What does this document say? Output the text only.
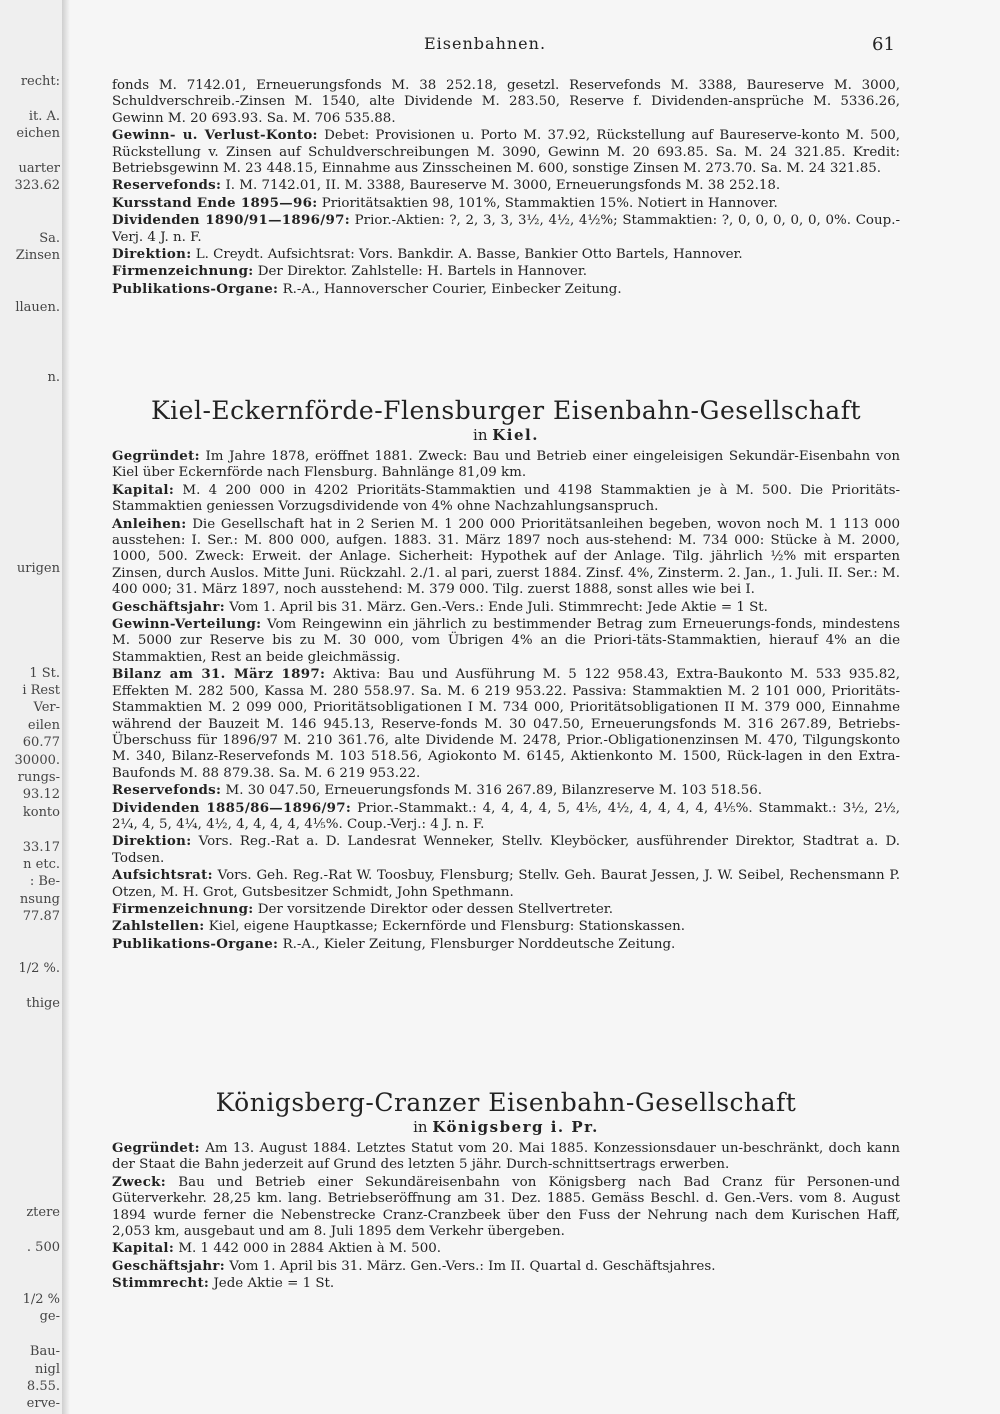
recht:
it. A.
eichen
uarter
323.62
Sa.
Zinsen
llauen.
n.
urigen
1 St.
i Rest
Ver-
eilen
60.77
30000.
rungs-
93.12
konto
33.17
n etc.
: Be-
nsung
77.87
1/2 %.
thige
ztere
. 500
1/2 %
ge-
Bau-
nigl
8.55.
erve-
Eisenbahnen.	61

fonds M. 7142.01, Erneuerungsfonds M. 38 252.18, gesetzl. Reservefonds M. 3388, Baureserve M. 3000, Schuldverschreib.-Zinsen M. 1540, alte Dividende M. 283.50, Reserve f. Dividenden-ansprüche M. 5336.26, Gewinn M. 20 693.93. Sa. M. 706 535.88.

Gewinn- u. Verlust-Konto: Debet: Provisionen u. Porto M. 37.92, Rückstellung auf Baureserve-konto M. 500, Rückstellung v. Zinsen auf Schuldverschreibungen M. 3090, Gewinn M. 20 693.85. Sa. M. 24 321.85. Kredit: Betriebsgewinn M. 23 448.15, Einnahme aus Zinsscheinen M. 600, sonstige Zinsen M. 273.70. Sa. M. 24 321.85.

Reservefonds: I. M. 7142.01, II. M. 3388, Baureserve M. 3000, Erneuerungsfonds M. 38 252.18.

Kursstand Ende 1895—96: Prioritätsaktien 98, 101%, Stammaktien 15%. Notiert in Hannover.

Dividenden 1890/91—1896/97: Prior.-Aktien: ?, 2, 3, 3, 3½, 4½, 4½%; Stammaktien: ?, 0, 0, 0, 0, 0, 0%. Coup.-Verj. 4 J. n. F.

Direktion: L. Creydt. Aufsichtsrat: Vors. Bankdir. A. Basse, Bankier Otto Bartels, Hannover.

Firmenzeichnung: Der Direktor. Zahlstelle: H. Bartels in Hannover.

Publikations-Organe: R.-A., Hannoverscher Courier, Einbecker Zeitung.

Kiel-Eckernförde-Flensburger Eisenbahn-Gesellschaft
in Kiel.

Gegründet: Im Jahre 1878, eröffnet 1881. Zweck: Bau und Betrieb einer eingeleisigen Sekundär-Eisenbahn von Kiel über Eckernförde nach Flensburg. Bahnlänge 81,09 km.

Kapital: M. 4 200 000 in 4202 Prioritäts-Stammaktien und 4198 Stammaktien je à M. 500. Die Prioritäts-Stammaktien geniessen Vorzugsdividende von 4% ohne Nachzahlungsanspruch.

Anleihen: Die Gesellschaft hat in 2 Serien M. 1 200 000 Prioritätsanleihen begeben, wovon noch M. 1 113 000 ausstehen: I. Ser.: M. 800 000, aufgen. 1883. 31. März 1897 noch aus-stehend: M. 734 000: Stücke à M. 2000, 1000, 500. Zweck: Erweit. der Anlage. Sicherheit: Hypothek auf der Anlage. Tilg. jährlich ½% mit ersparten Zinsen, durch Auslos. Mitte Juni. Rückzahl. 2./1. al pari, zuerst 1884. Zinsf. 4%, Zinsterm. 2. Jan., 1. Juli. II. Ser.: M. 400 000; 31. März 1897, noch ausstehend: M. 379 000. Tilg. zuerst 1888, sonst alles wie bei I.

Geschäftsjahr: Vom 1. April bis 31. März. Gen.-Vers.: Ende Juli. Stimmrecht: Jede Aktie = 1 St.

Gewinn-Verteilung: Vom Reingewinn ein jährlich zu bestimmender Betrag zum Erneuerungs-fonds, mindestens M. 5000 zur Reserve bis zu M. 30 000, vom Übrigen 4% an die Priori-täts-Stammaktien, hierauf 4% an die Stammaktien, Rest an beide gleichmässig.

Bilanz am 31. März 1897: Aktiva: Bau und Ausführung M. 5 122 958.43, Extra-Baukonto M. 533 935.82, Effekten M. 282 500, Kassa M. 280 558.97. Sa. M. 6 219 953.22. Passiva: Stammaktien M. 2 101 000, Prioritäts-Stammaktien M. 2 099 000, Prioritätsobligationen I M. 734 000, Prioritätsobligationen II M. 379 000, Einnahme während der Bauzeit M. 146 945.13, Reserve-fonds M. 30 047.50, Erneuerungsfonds M. 316 267.89, Betriebs-Überschuss für 1896/97 M. 210 361.76, alte Dividende M. 2478, Prior.-Obligationenzinsen M. 470, Tilgungskonto M. 340, Bilanz-Reservefonds M. 103 518.56, Agiokonto M. 6145, Aktienkonto M. 1500, Rück-lagen in den Extra-Baufonds M. 88 879.38. Sa. M. 6 219 953.22.

Reservefonds: M. 30 047.50, Erneuerungsfonds M. 316 267.89, Bilanzreserve M. 103 518.56.

Dividenden 1885/86—1896/97: Prior.-Stammakt.: 4, 4, 4, 4, 5, 4⅕, 4½, 4, 4, 4, 4, 4⅕%. Stammakt.: 3½, 2½, 2¼, 4, 5, 4¼, 4½, 4, 4, 4, 4, 4⅕%. Coup.-Verj.: 4 J. n. F.

Direktion: Vors. Reg.-Rat a. D. Landesrat Wenneker, Stellv. Kleyböcker, ausführender Direktor, Stadtrat a. D. Todsen.

Aufsichtsrat: Vors. Geh. Reg.-Rat W. Toosbuy, Flensburg; Stellv. Geh. Baurat Jessen, J. W. Seibel, Rechensmann P. Otzen, M. H. Grot, Gutsbesitzer Schmidt, John Spethmann.

Firmenzeichnung: Der vorsitzende Direktor oder dessen Stellvertreter.

Zahlstellen: Kiel, eigene Hauptkasse; Eckernförde und Flensburg: Stationskassen.

Publikations-Organe: R.-A., Kieler Zeitung, Flensburger Norddeutsche Zeitung.

Königsberg-Cranzer Eisenbahn-Gesellschaft
in Königsberg i. Pr.

Gegründet: Am 13. August 1884. Letztes Statut vom 20. Mai 1885. Konzessionsdauer un-beschränkt, doch kann der Staat die Bahn jederzeit auf Grund des letzten 5 jähr. Durch-schnittsertrags erwerben.

Zweck: Bau und Betrieb einer Sekundäreisenbahn von Königsberg nach Bad Cranz für Personen-und Güterverkehr. 28,25 km. lang. Betriebseröffnung am 31. Dez. 1885. Gemäss Beschl. d. Gen.-Vers. vom 8. August 1894 wurde ferner die Nebenstrecke Cranz-Cranzbeek über den Fuss der Nehrung nach dem Kurischen Haff, 2,053 km, ausgebaut und am 8. Juli 1895 dem Verkehr übergeben.

Kapital: M. 1 442 000 in 2884 Aktien à M. 500.

Geschäftsjahr: Vom 1. April bis 31. März. Gen.-Vers.: Im II. Quartal d. Geschäftsjahres.

Stimmrecht: Jede Aktie = 1 St.
